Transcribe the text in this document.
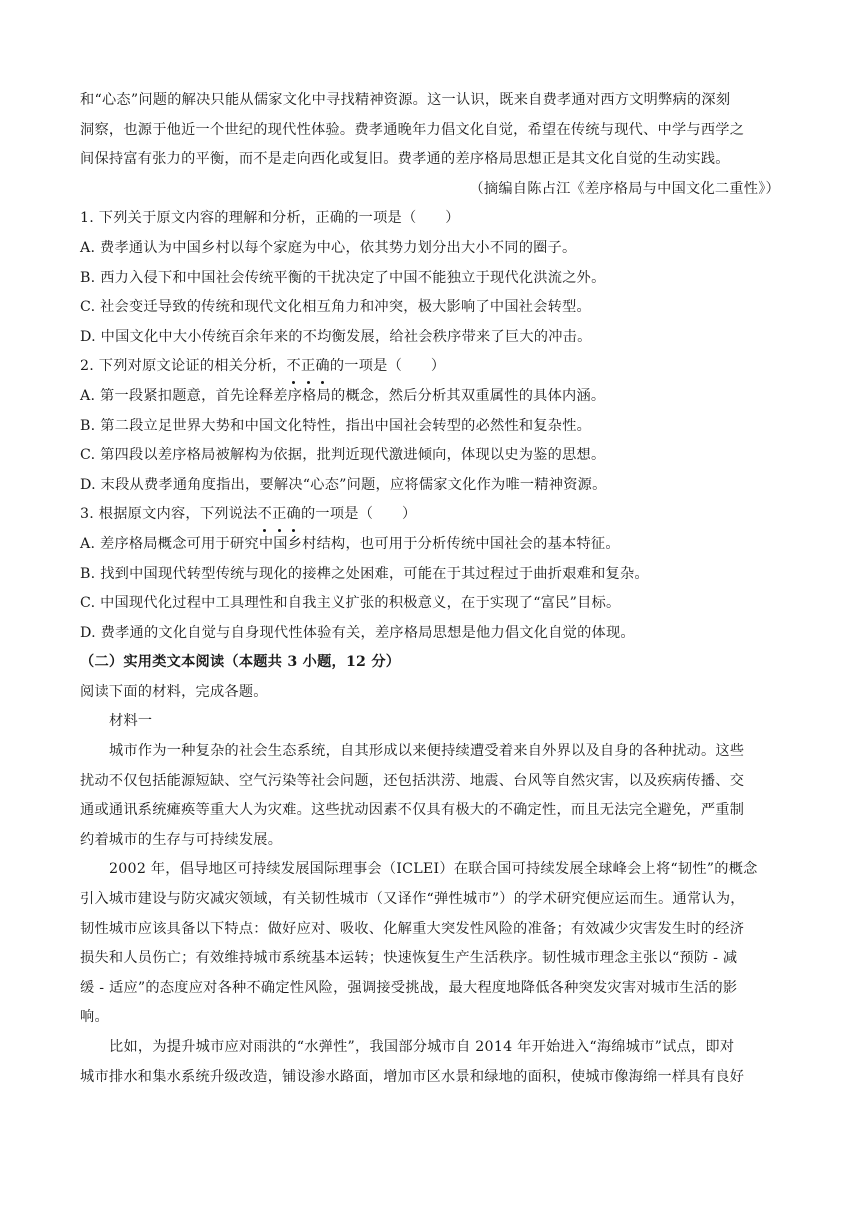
和“心态”问题的解决只能从儒家文化中寻找精神资源。这一认识，既来自费孝通对西方文明弊病的深刻
洞察，也源于他近一个世纪的现代性体验。费孝通晚年力倡文化自觉，希望在传统与现代、中学与西学之
间保持富有张力的平衡，而不是走向西化或复旧。费孝通的差序格局思想正是其文化自觉的生动实践。
（摘编自陈占江《差序格局与中国文化二重性》）
1. 下列关于原文内容的理解和分析，正确的一项是（　　）
A. 费孝通认为中国乡村以每个家庭为中心，依其势力划分出大小不同的圈子。
B. 西力入侵下和中国社会传统平衡的干扰决定了中国不能独立于现代化洪流之外。
C. 社会变迁导致的传统和现代文化相互角力和冲突，极大影响了中国社会转型。
D. 中国文化中大小传统百余年来的不均衡发展，给社会秩序带来了巨大的冲击。
2. 下列对原文论证的相关分析，不正确的一项是（　　）
A. 第一段紧扣题意，首先诠释差序格局的概念，然后分析其双重属性的具体内涵。
B. 第二段立足世界大势和中国文化特性，指出中国社会转型的必然性和复杂性。
C. 第四段以差序格局被解构为依据，批判近现代激进倾向，体现以史为鉴的思想。
D. 末段从费孝通角度指出，要解决“心态”问题，应将儒家文化作为唯一精神资源。
3. 根据原文内容，下列说法不正确的一项是（　　）
A. 差序格局概念可用于研究中国乡村结构，也可用于分析传统中国社会的基本特征。
B. 找到中国现代转型传统与现化的接榫之处困难，可能在于其过程过于曲折艰难和复杂。
C. 中国现代化过程中工具理性和自我主义扩张的积极意义，在于实现了“富民”目标。
D. 费孝通的文化自觉与自身现代性体验有关，差序格局思想是他力倡文化自觉的体现。
（二）实用类文本阅读（本题共 3 小题，12 分）
阅读下面的材料，完成各题。
材料一
城市作为一种复杂的社会生态系统，自其形成以来便持续遭受着来自外界以及自身的各种扰动。这些
扰动不仅包括能源短缺、空气污染等社会问题，还包括洪涝、地震、台风等自然灾害，以及疾病传播、交
通或通讯系统瘫痪等重大人为灾难。这些扰动因素不仅具有极大的不确定性，而且无法完全避免，严重制
约着城市的生存与可持续发展。
2002 年，倡导地区可持续发展国际理事会（ICLEI）在联合国可持续发展全球峰会上将“韧性”的概念
引入城市建设与防灾减灾领域，有关韧性城市（又译作“弹性城市”）的学术研究便应运而生。通常认为，
韧性城市应该具备以下特点：做好应对、吸收、化解重大突发性风险的准备；有效减少灾害发生时的经济
损失和人员伤亡；有效维持城市系统基本运转；快速恢复生产生活秩序。韧性城市理念主张以“预防 - 减
缓 - 适应”的态度应对各种不确定性风险，强调接受挑战，最大程度地降低各种突发灾害对城市生活的影
响。
比如，为提升城市应对雨洪的“水弹性”，我国部分城市自 2014 年开始进入“海绵城市”试点，即对
城市排水和集水系统升级改造，铺设渗水路面，增加市区水景和绿地的面积，使城市像海绵一样具有良好
